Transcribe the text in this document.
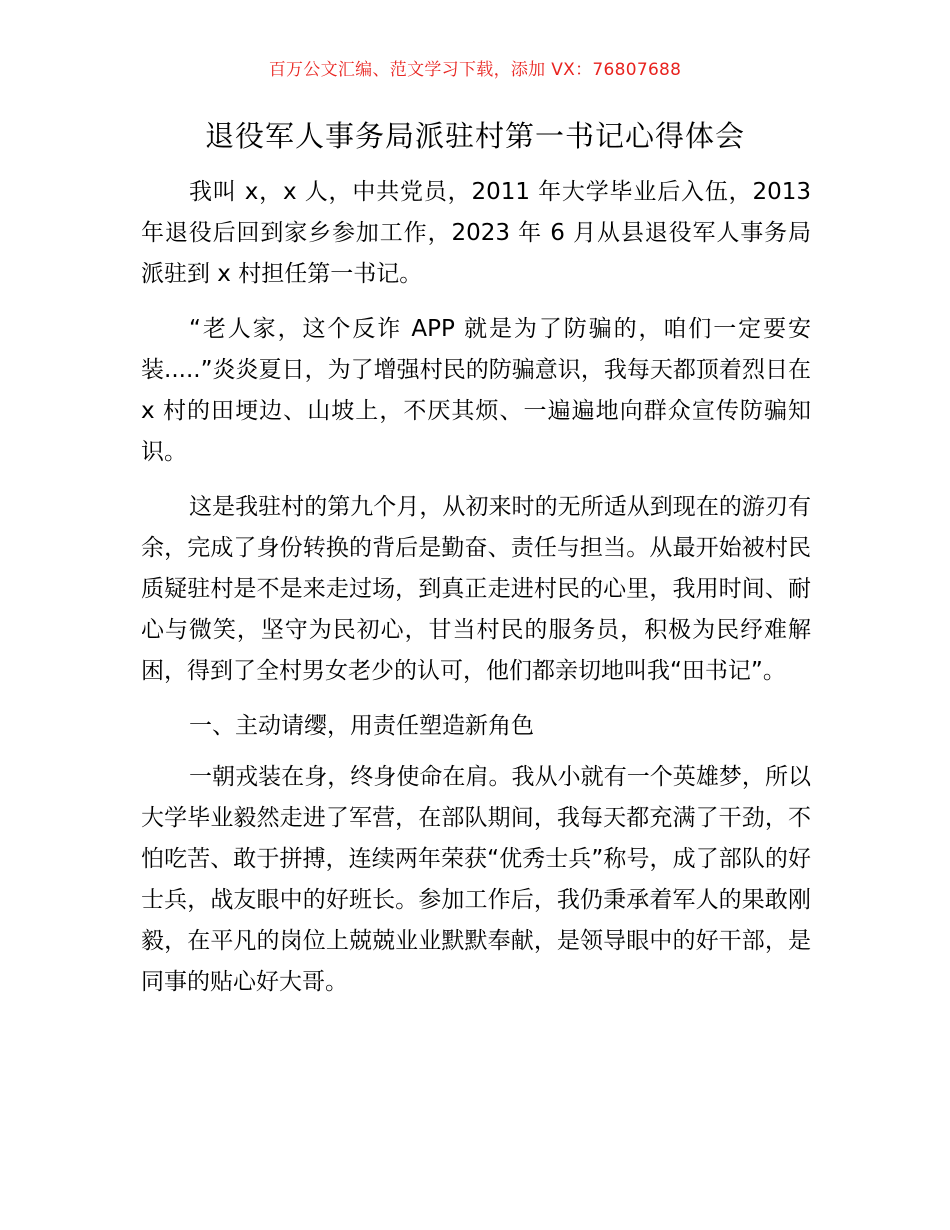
百万公文汇编、范文学习下载，添加 VX：76807688
退役军人事务局派驻村第一书记心得体会

我叫 x，x 人，中共党员，2011 年大学毕业后入伍，2013 年退役后回到家乡参加工作，2023 年 6 月从县退役军人事务局派驻到 x 村担任第一书记。

“老人家，这个反诈 APP 就是为了防骗的，咱们一定要安装.....”炎炎夏日，为了增强村民的防骗意识，我每天都顶着烈日在 x 村的田埂边、山坡上，不厌其烦、一遍遍地向群众宣传防骗知识。

这是我驻村的第九个月，从初来时的无所适从到现在的游刃有余，完成了身份转换的背后是勤奋、责任与担当。从最开始被村民质疑驻村是不是来走过场，到真正走进村民的心里，我用时间、耐心与微笑，坚守为民初心，甘当村民的服务员，积极为民纾难解困，得到了全村男女老少的认可，他们都亲切地叫我“田书记”。

一、主动请缨，用责任塑造新角色

一朝戎装在身，终身使命在肩。我从小就有一个英雄梦，所以大学毕业毅然走进了军营，在部队期间，我每天都充满了干劲，不怕吃苦、敢于拼搏，连续两年荣获“优秀士兵”称号，成了部队的好士兵，战友眼中的好班长。参加工作后，我仍秉承着军人的果敢刚毅，在平凡的岗位上兢兢业业默默奉献，是领导眼中的好干部，是同事的贴心好大哥。
